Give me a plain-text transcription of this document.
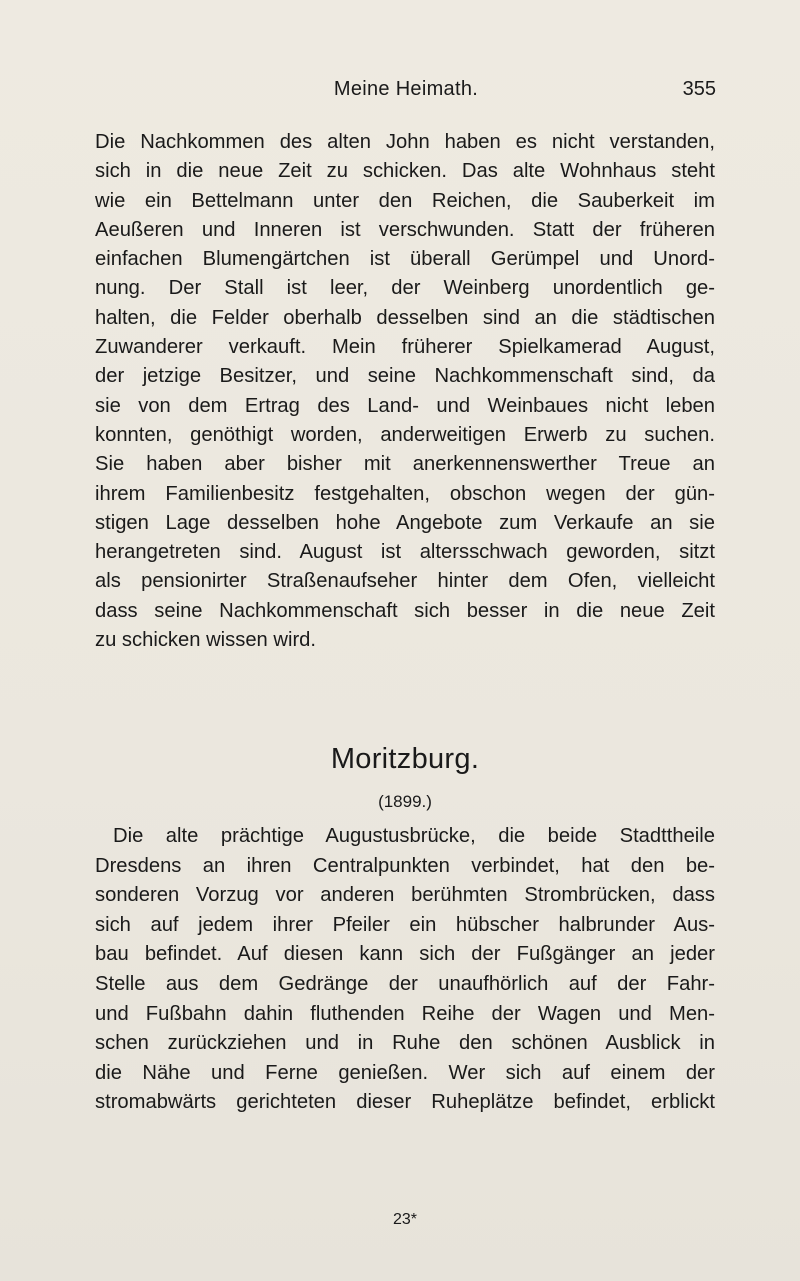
Meine Heimath.	355
Die Nachkommen des alten John haben es nicht verstanden,
sich in die neue Zeit zu schicken. Das alte Wohnhaus steht
wie ein Bettelmann unter den Reichen, die Sauberkeit im
Aeußeren und Inneren ist verschwunden. Statt der früheren
einfachen Blumengärtchen ist überall Gerümpel und Unord-
nung. Der Stall ist leer, der Weinberg unordentlich ge-
halten, die Felder oberhalb desselben sind an die städtischen
Zuwanderer verkauft. Mein früherer Spielkamerad August,
der jetzige Besitzer, und seine Nachkommenschaft sind, da
sie von dem Ertrag des Land- und Weinbaues nicht leben
konnten, genöthigt worden, anderweitigen Erwerb zu suchen.
Sie haben aber bisher mit anerkennenswerther Treue an
ihrem Familienbesitz festgehalten, obschon wegen der gün-
stigen Lage desselben hohe Angebote zum Verkaufe an sie
herangetreten sind. August ist altersschwach geworden, sitzt
als pensionirter Straßenaufseher hinter dem Ofen, vielleicht
dass seine Nachkommenschaft sich besser in die neue Zeit
zu schicken wissen wird.
Moritzburg.
(1899.)
Die alte prächtige Augustusbrücke, die beide Stadttheile
Dresdens an ihren Centralpunkten verbindet, hat den be-
sonderen Vorzug vor anderen berühmten Strombrücken, dass
sich auf jedem ihrer Pfeiler ein hübscher halbrunder Aus-
bau befindet. Auf diesen kann sich der Fußgänger an jeder
Stelle aus dem Gedränge der unaufhörlich auf der Fahr-
und Fußbahn dahin fluthenden Reihe der Wagen und Men-
schen zurückziehen und in Ruhe den schönen Ausblick in
die Nähe und Ferne genießen. Wer sich auf einem der
stromabwärts gerichteten dieser Ruheplätze befindet, erblickt
23*
